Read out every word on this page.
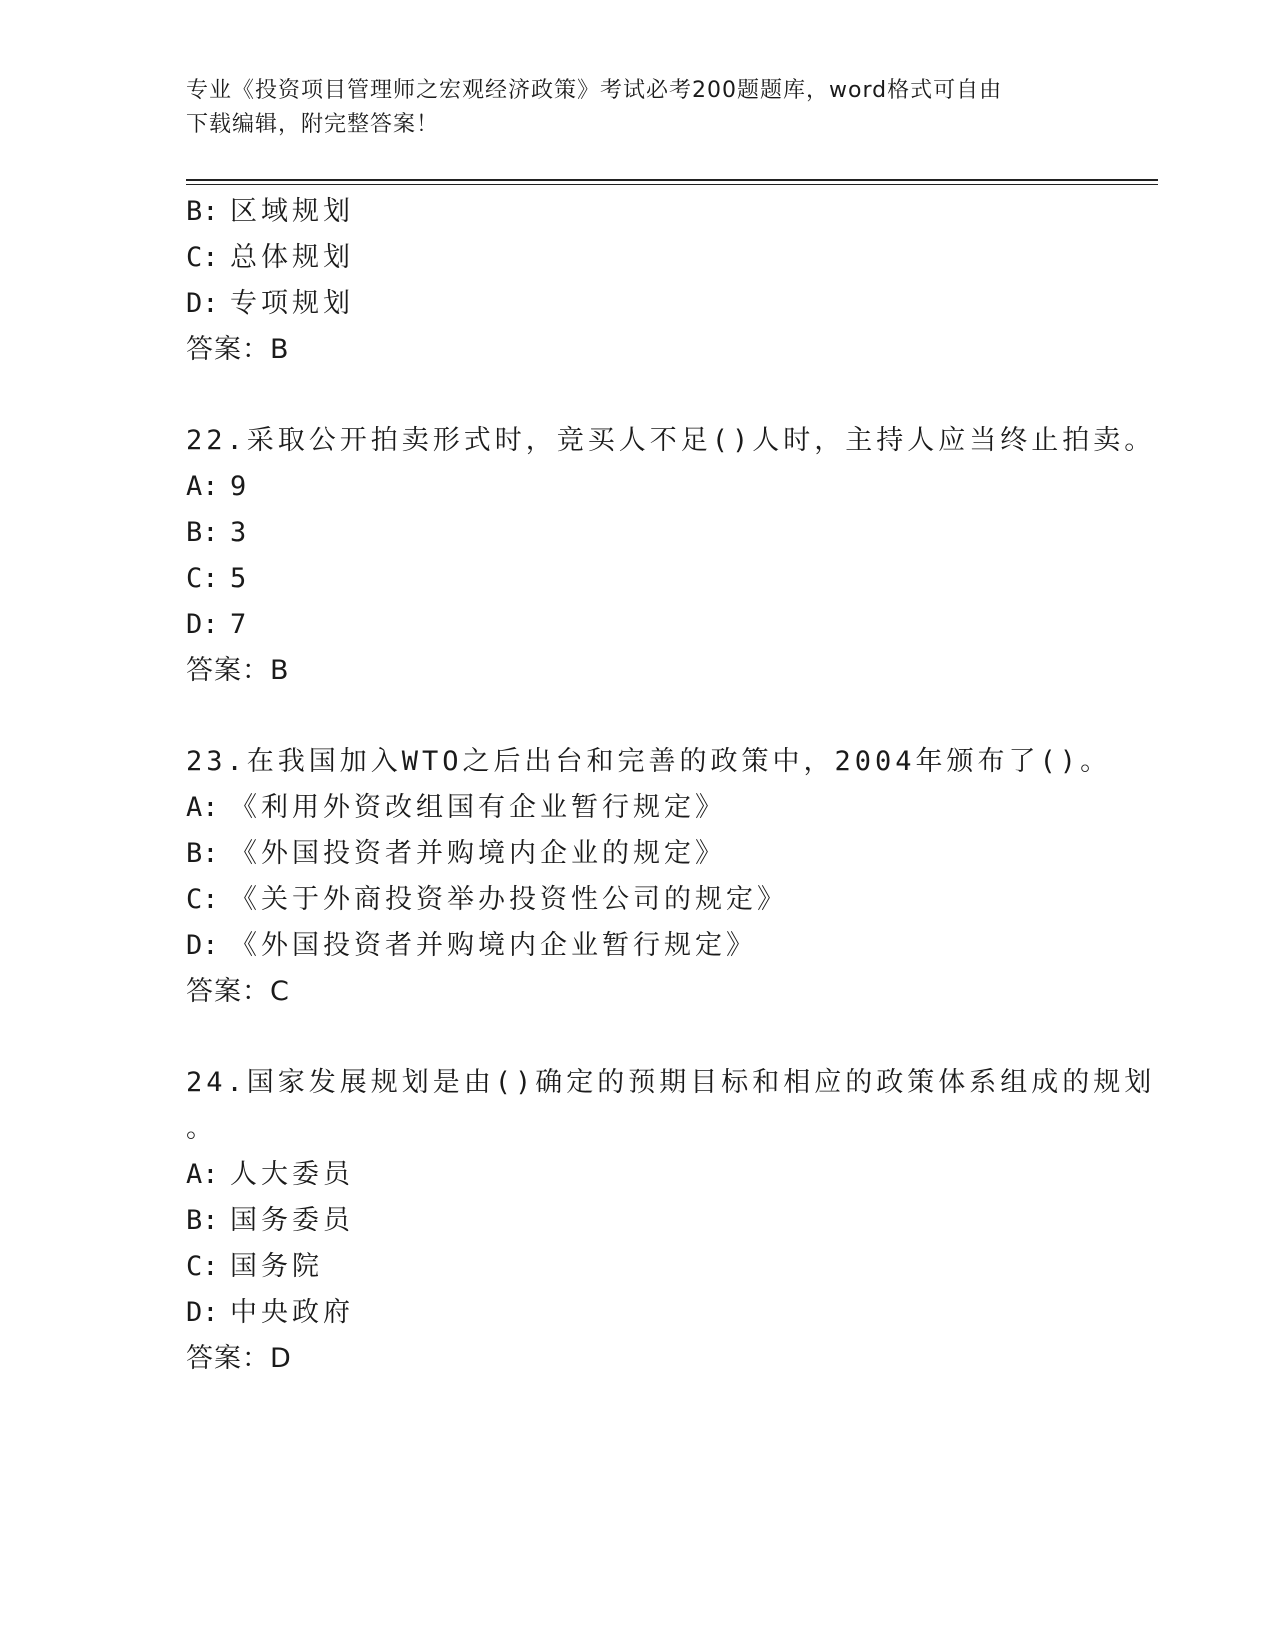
专业《投资项目管理师之宏观经济政策》考试必考200题题库，word格式可自由
下载编辑，附完整答案！
B: 区域规划
C: 总体规划
D: 专项规划
答案：B
22.采取公开拍卖形式时，竞买人不足()人时，主持人应当终止拍卖。
A: 9
B: 3
C: 5
D: 7
答案：B
23.在我国加入WTO之后出台和完善的政策中，2004年颁布了()。
A: 《利用外资改组国有企业暂行规定》
B: 《外国投资者并购境内企业的规定》
C: 《关于外商投资举办投资性公司的规定》
D: 《外国投资者并购境内企业暂行规定》
答案：C
24.国家发展规划是由()确定的预期目标和相应的政策体系组成的规划
。
A: 人大委员
B: 国务委员
C: 国务院
D: 中央政府
答案：D
